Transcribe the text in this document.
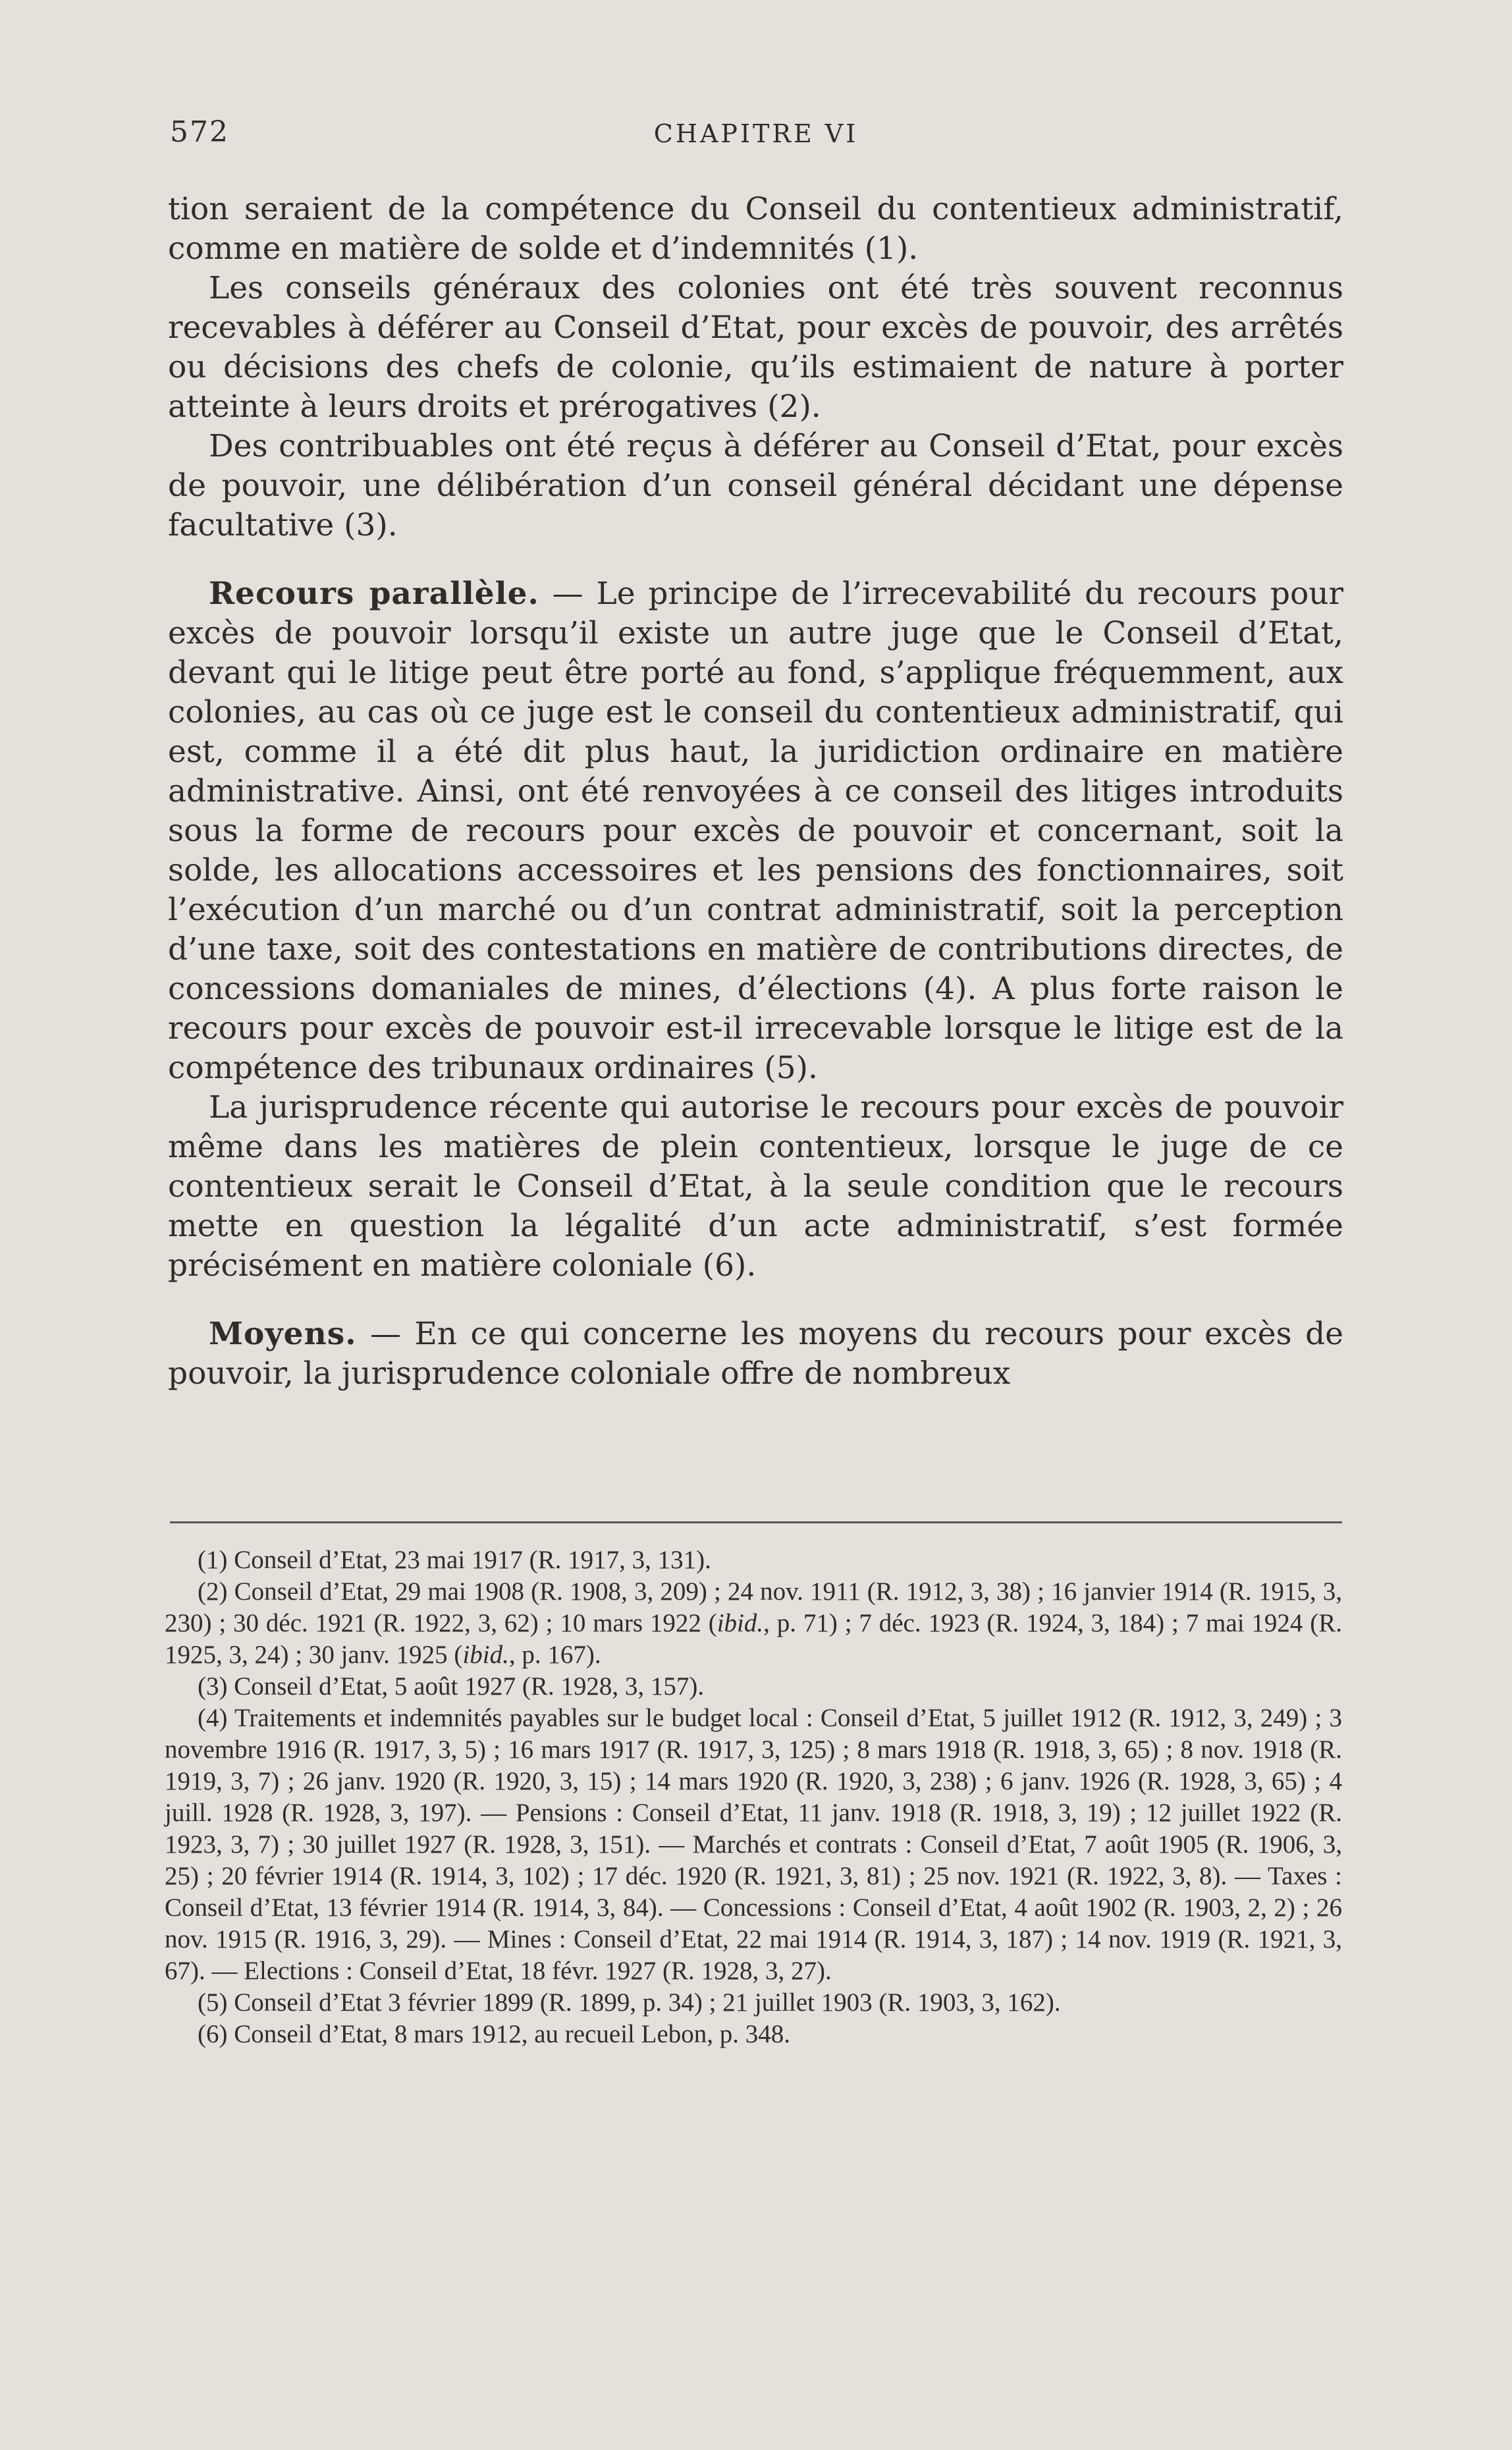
572	CHAPITRE VI

tion seraient de la compétence du Conseil du contentieux administratif, comme en matière de solde et d’indemnités (1).

Les conseils généraux des colonies ont été très souvent reconnus recevables à déférer au Conseil d’Etat, pour excès de pouvoir, des arrêtés ou décisions des chefs de colonie, qu’ils estimaient de nature à porter atteinte à leurs droits et prérogatives (2).

Des contribuables ont été reçus à déférer au Conseil d’Etat, pour excès de pouvoir, une délibération d’un conseil général décidant une dépense facultative (3).

Recours parallèle. — Le principe de l’irrecevabilité du recours pour excès de pouvoir lorsqu’il existe un autre juge que le Conseil d’Etat, devant qui le litige peut être porté au fond, s’applique fréquemment, aux colonies, au cas où ce juge est le conseil du contentieux administratif, qui est, comme il a été dit plus haut, la juridiction ordinaire en matière administrative. Ainsi, ont été renvoyées à ce conseil des litiges introduits sous la forme de recours pour excès de pouvoir et concernant, soit la solde, les allocations accessoires et les pensions des fonctionnaires, soit l’exécution d’un marché ou d’un contrat administratif, soit la perception d’une taxe, soit des contestations en matière de contributions directes, de concessions domaniales de mines, d’élections (4). A plus forte raison le recours pour excès de pouvoir est-il irrecevable lorsque le litige est de la compétence des tribunaux ordinaires (5).

La jurisprudence récente qui autorise le recours pour excès de pouvoir même dans les matières de plein contentieux, lorsque le juge de ce contentieux serait le Conseil d’Etat, à la seule condition que le recours mette en question la légalité d’un acte administratif, s’est formée précisément en matière coloniale (6).

Moyens. — En ce qui concerne les moyens du recours pour excès de pouvoir, la jurisprudence coloniale offre de nombreux

(1) Conseil d’Etat, 23 mai 1917 (R. 1917, 3, 131).

(2) Conseil d’Etat, 29 mai 1908 (R. 1908, 3, 209) ; 24 nov. 1911 (R. 1912, 3, 38) ; 16 janvier 1914 (R. 1915, 3, 230) ; 30 déc. 1921 (R. 1922, 3, 62) ; 10 mars 1922 (ibid., p. 71) ; 7 déc. 1923 (R. 1924, 3, 184) ; 7 mai 1924 (R. 1925, 3, 24) ; 30 janv. 1925 (ibid., p. 167).

(3) Conseil d’Etat, 5 août 1927 (R. 1928, 3, 157).

(4) Traitements et indemnités payables sur le budget local : Conseil d’Etat, 5 juillet 1912 (R. 1912, 3, 249) ; 3 novembre 1916 (R. 1917, 3, 5) ; 16 mars 1917 (R. 1917, 3, 125) ; 8 mars 1918 (R. 1918, 3, 65) ; 8 nov. 1918 (R. 1919, 3, 7) ; 26 janv. 1920 (R. 1920, 3, 15) ; 14 mars 1920 (R. 1920, 3, 238) ; 6 janv. 1926 (R. 1928, 3, 65) ; 4 juill. 1928 (R. 1928, 3, 197). — Pensions : Conseil d’Etat, 11 janv. 1918 (R. 1918, 3, 19) ; 12 juillet 1922 (R. 1923, 3, 7) ; 30 juillet 1927 (R. 1928, 3, 151). — Marchés et contrats : Conseil d’Etat, 7 août 1905 (R. 1906, 3, 25) ; 20 février 1914 (R. 1914, 3, 102) ; 17 déc. 1920 (R. 1921, 3, 81) ; 25 nov. 1921 (R. 1922, 3, 8). — Taxes : Conseil d’Etat, 13 février 1914 (R. 1914, 3, 84). — Concessions : Conseil d’Etat, 4 août 1902 (R. 1903, 2, 2) ; 26 nov. 1915 (R. 1916, 3, 29). — Mines : Conseil d’Etat, 22 mai 1914 (R. 1914, 3, 187) ; 14 nov. 1919 (R. 1921, 3, 67). — Elections : Conseil d’Etat, 18 févr. 1927 (R. 1928, 3, 27).

(5) Conseil d’Etat 3 février 1899 (R. 1899, p. 34) ; 21 juillet 1903 (R. 1903, 3, 162).

(6) Conseil d’Etat, 8 mars 1912, au recueil Lebon, p. 348.
